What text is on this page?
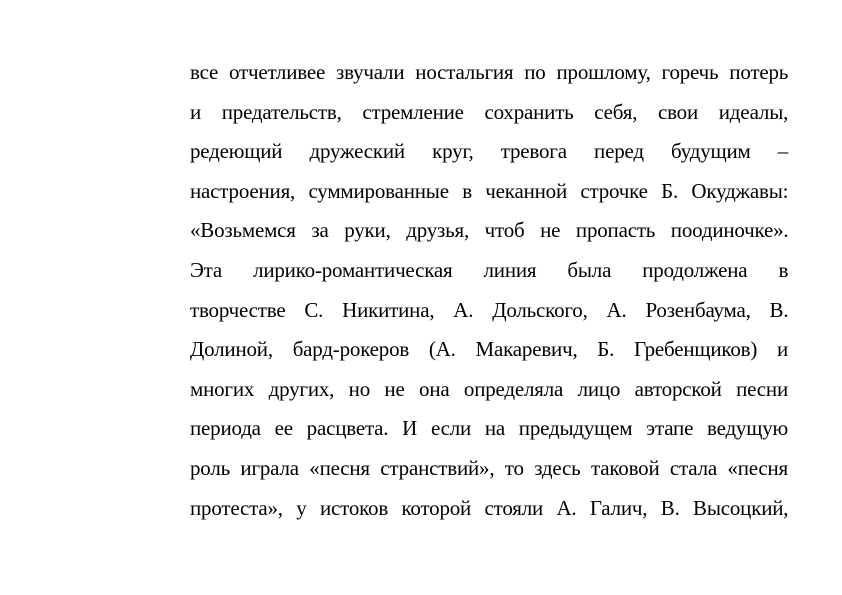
все отчетливее звучали ностальгия по прошлому, горечь потерь
и предательств, стремление сохранить себя, свои идеалы,
редеющий дружеский круг, тревога перед будущим –
настроения, суммированные в чеканной строчке Б. Окуджавы:
«Возьмемся за руки, друзья, чтоб не пропасть поодиночке».
Эта лирико-романтическая линия была продолжена в
творчестве С. Никитина, А. Дольского, А. Розенбаума, В.
Долиной, бард-рокеров (А. Макаревич, Б. Гребенщиков) и
многих других, но не она определяла лицо авторской песни
периода ее расцвета. И если на предыдущем этапе ведущую
роль играла «песня странствий», то здесь таковой стала «песня
протеста», у истоков которой стояли А. Галич, В. Высоцкий,
